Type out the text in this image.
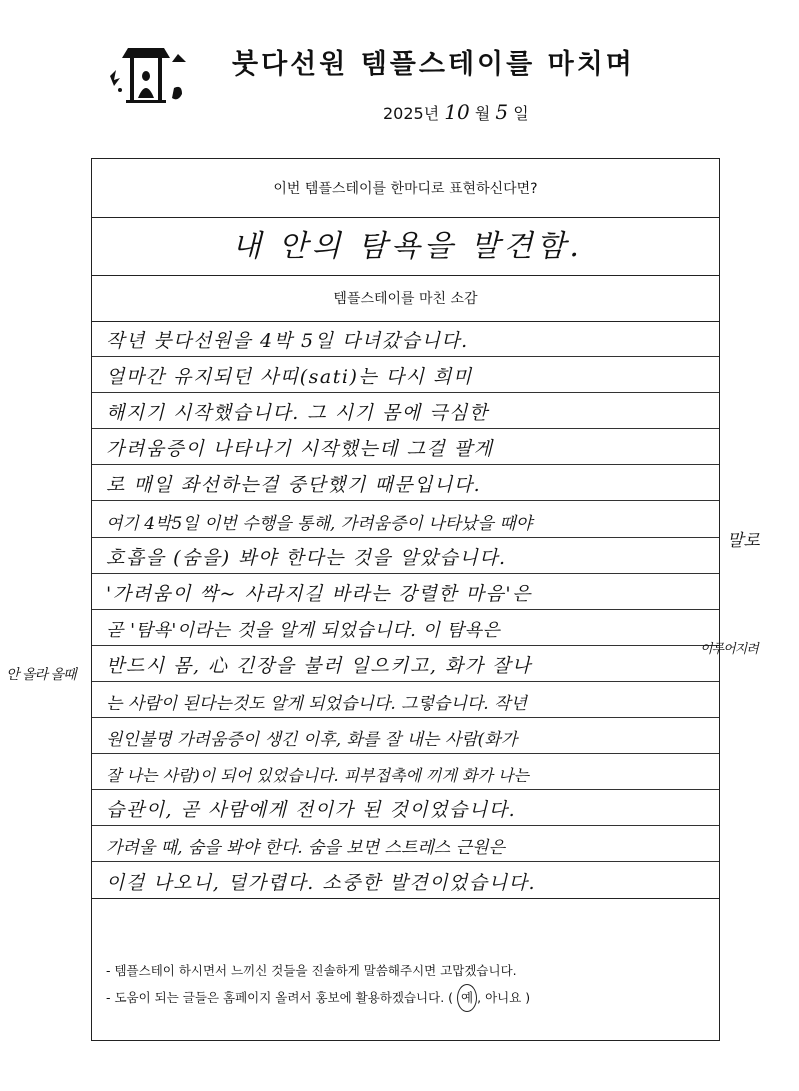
붓다선원 템플스테이를 마치며
2025년 10 월 5 일
이번 템플스테이를 한마디로 표현하신다면?
내 안의 탐욕을 발견함.
템플스테이를 마친 소감
작년 붓다선원을 4박 5일 다녀갔습니다.
얼마간 유지되던 사띠(sati)는 다시 희미
해지기 시작했습니다. 그 시기 몸에 극심한
가려움증이 나타나기 시작했는데 그걸 팔게
로 매일 좌선하는걸 중단했기 때문입니다.
여기 4박5일 이번 수행을 통해, 가려움증이 나타났을 때야
호흡을 (숨을) 봐야 한다는 것을 알았습니다.
'가려움이 싹~ 사라지길 바라는 강렬한 마음'은
곧 '탐욕'이라는 것을 알게 되었습니다. 이 탐욕은
반드시 몸, 心 긴장을 불러 일으키고, 화가 잘나
는 사람이 된다는것도 알게 되었습니다. 그렇습니다. 작년
원인불명 가려움증이 생긴 이후, 화를 잘 내는 사람(화가
잘 나는 사람)이 되어 있었습니다. 피부접촉에 끼게 화가 나는
습관이, 곧 사람에게 전이가 된 것이었습니다.
가려울 때, 숨을 봐야 한다. 숨을 보면 스트레스 근원은
이걸 나오니, 덜가렵다. 소중한 발견이었습니다.
말로
이루어지려
안 올라 올때
- 템플스테이 하시면서 느끼신 것들을 진솔하게 말씀해주시면 고맙겠습니다.
- 도움이 되는 글들은 홈페이지 올려서 홍보에 활용하겠습니다. ( 예 , 아니요 )
